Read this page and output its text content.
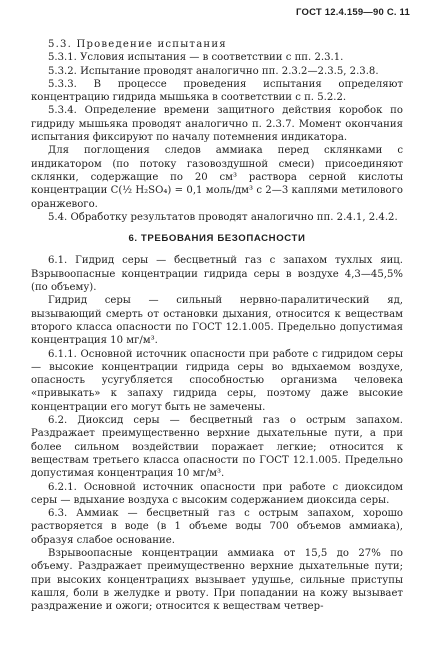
ГОСТ 12.4.159—90 С. 11

5.3. Проведение испытания

5.3.1. Условия испытания — в соответствии с пп. 2.3.1.

5.3.2. Испытание проводят аналогично пп. 2.3.2—2.3.5, 2.3.8.

5.3.3. В процессе проведения испытания определяют концентрацию гидрида мышьяка в соответствии с п. 5.2.2.

5.3.4. Определение времени защитного действия коробок по гидриду мышьяка проводят аналогично п. 2.3.7. Момент окончания испытания фиксируют по началу потемнения индикатора.

Для поглощения следов аммиака перед склянками с индикатором (по потоку газовоздушной смеси) присоединяют склянки, содержащие по 20 см³ раствора серной кислоты концентрации C(½ H₂SO₄) = 0,1 моль/дм³ с 2—3 каплями метилового оранжевого.

5.4. Обработку результатов проводят аналогично пп. 2.4.1, 2.4.2.

6. ТРЕБОВАНИЯ БЕЗОПАСНОСТИ

6.1. Гидрид серы — бесцветный газ с запахом тухлых яиц. Взрывоопасные концентрации гидрида серы в воздухе 4,3—45,5% (по объему).

Гидрид серы — сильный нервно-паралитический яд, вызывающий смерть от остановки дыхания, относится к веществам второго класса опасности по ГОСТ 12.1.005. Предельно допустимая концентрация 10 мг/м³.

6.1.1. Основной источник опасности при работе с гидридом серы — высокие концентрации гидрида серы во вдыхаемом воздухе, опасность усугубляется способностью организма человека «привыкать» к запаху гидрида серы, поэтому даже высокие концентрации его могут быть не замечены.

6.2. Диоксид серы — бесцветный газ о острым запахом. Раздражает преимущественно верхние дыхательные пути, а при более сильном воздействии поражает легкие; относится к веществам третьего класса опасности по ГОСТ 12.1.005. Предельно допустимая концентрация 10 мг/м³.

6.2.1. Основной источник опасности при работе с диоксидом серы — вдыхание воздуха с высоким содержанием диоксида серы.

6.3. Аммиак — бесцветный газ с острым запахом, хорошо растворяется в воде (в 1 объеме воды 700 объемов аммиака), образуя слабое основание.

Взрывоопасные концентрации аммиака от 15,5 до 27% по объему. Раздражает преимущественно верхние дыхательные пути; при высоких концентрациях вызывает удушье, сильные приступы кашля, боли в желудке и рвоту. При попадании на кожу вызывает раздражение и ожоги; относится к веществам четвер-
